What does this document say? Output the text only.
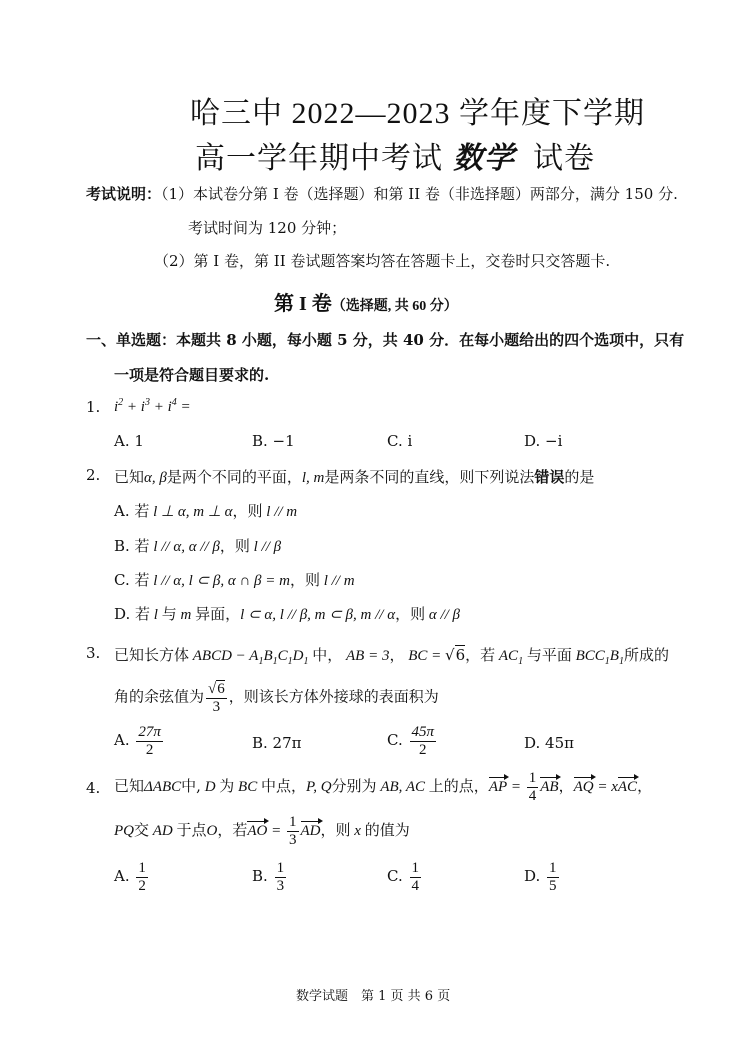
哈三中 2022—2023 学年度下学期
高一学年期中考试 数学 试卷
考试说明：（1）本试卷分第 I 卷（选择题）和第 II 卷（非选择题）两部分，满分 150 分.
考试时间为 120 分钟；
（2）第 I 卷，第 II 卷试题答案均答在答题卡上，交卷时只交答题卡.
第 I 卷（选择题, 共 60 分）
一、单选题：本题共 8 小题，每小题 5 分，共 40 分．在每小题给出的四个选项中，只有
一项是符合题目要求的.
1. $i^2 + i^3 + i^4$ =
A. 1	B. −1	C. i	D. −i
2. 已知α, β是两个不同的平面，l, m是两条不同的直线，则下列说法错误的是
A. 若 l ⊥ α, m ⊥ α，则 l // m
B. 若 l // α, α // β，则 l // β
C. 若 l // α, l ⊂ β, α ∩ β = m，则 l // m
D. 若 l 与 m 异面，l ⊂ α, l // β, m ⊂ β, m // α，则 α // β
3. 已知长方体 ABCD − $A_1B_1C_1D_1$ 中， AB = 3， BC = √6，若 $AC_1$ 与平面 $BCC_1B_1$所成的
角的余弦值为 $\frac{√6}{3}$ ，则该长方体外接球的表面积为
A. $\frac{27\pi}{2}$	B. 27π	C. $\frac{45\pi}{2}$	D. 45π
4. 已知ΔABC中, D 为 BC 中点，P, Q分别为 AB, AC 上的点，AP = $\frac{1}{4}$ AB，AQ = xAC，
PQ交 AD 于点O，若AO = $\frac{1}{3}$ AD，则 x 的值为
A. $\frac{1}{2}$	B. $\frac{1}{3}$	C. $\frac{1}{4}$	D. $\frac{1}{5}$
数学试题　第 1 页 共 6 页
